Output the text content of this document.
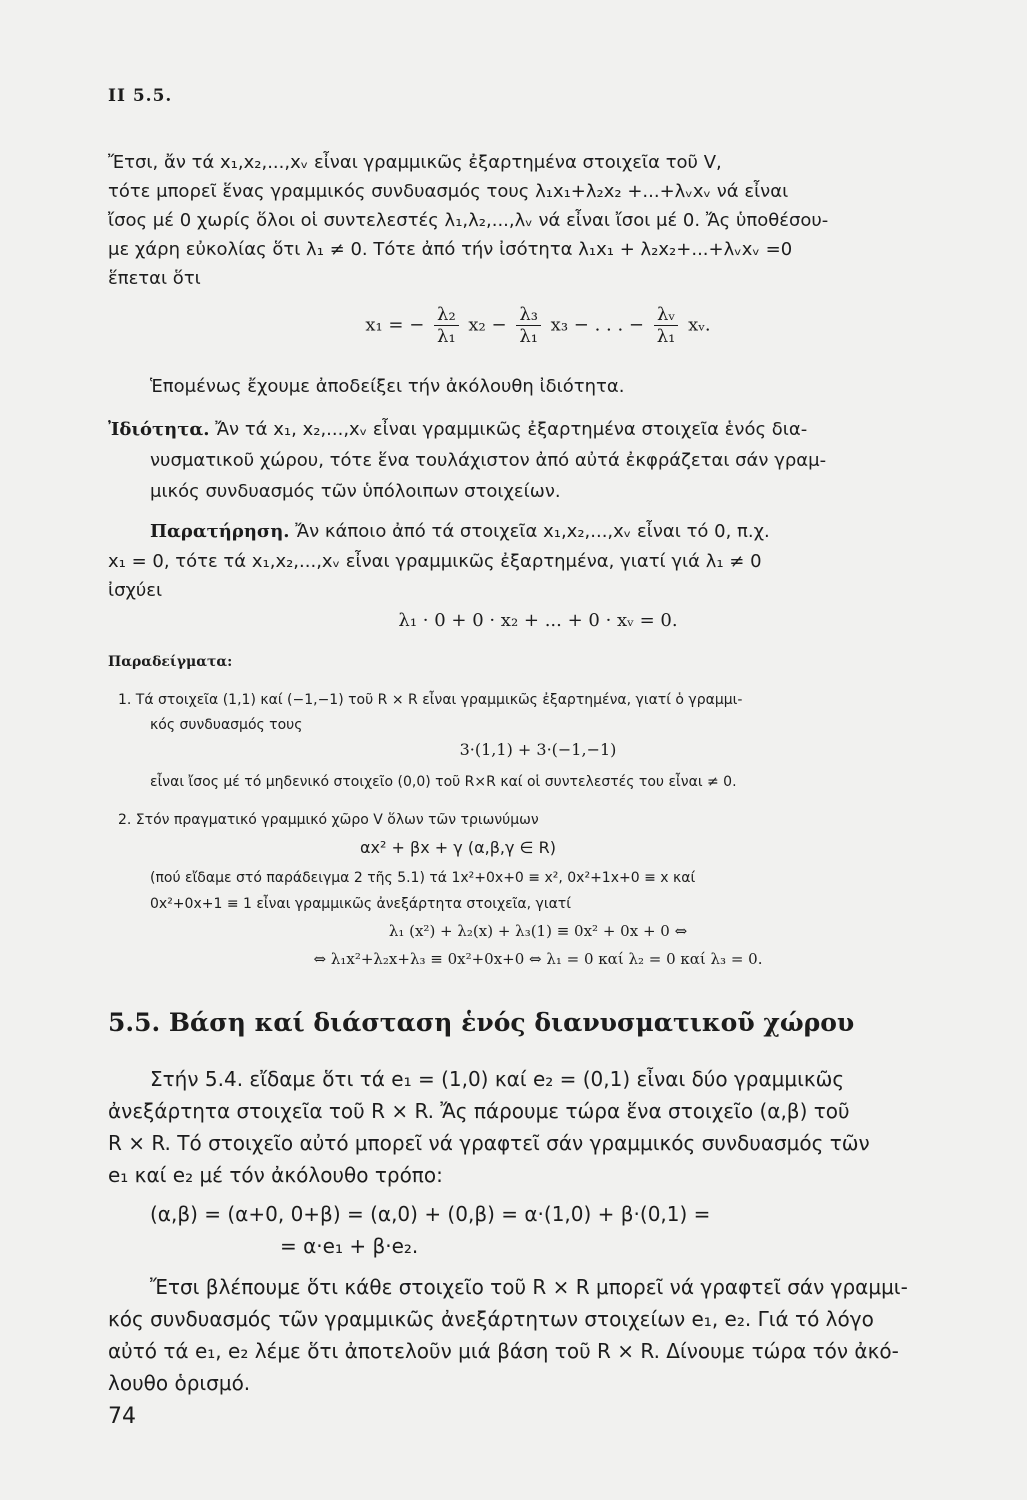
II 5.5.
Ἔτσι, ἄν τά x₁,x₂,...,xᵥ εἶναι γραμμικῶς ἐξαρτημένα στοιχεῖα τοῦ V,
τότε μπορεῖ ἕνας γραμμικός συνδυασμός τους λ₁x₁+λ₂x₂ +...+λᵥxᵥ νά εἶναι
ἴσος μέ 0 χωρίς ὅλοι οἱ συντελεστές λ₁,λ₂,...,λᵥ νά εἶναι ἴσοι μέ 0. Ἄς ὑποθέσου-
με χάρη εὐκολίας ὅτι λ₁ ≠ 0. Τότε ἀπό τήν ἰσότητα λ₁x₁ + λ₂x₂+...+λᵥxᵥ =0
ἕπεται ὅτι
x₁ = − $\frac{\text{λ₂}}{\text{λ₁}} x_2 - \frac{\text{λ₃}}{\text{λ₁}} x_3$ − . . . − $\frac{\text{λᵥ}}{\text{λ₁}}$ xᵥ.
Ἑπομένως ἔχουμε ἀποδείξει τήν ἀκόλουθη ἰδιότητα.
Ἰδιότητα. Ἄν τά x₁, x₂,...,xᵥ εἶναι γραμμικῶς ἐξαρτημένα στοιχεῖα ἑνός δια-
νυσματικοῦ χώρου, τότε ἕνα τουλάχιστον ἀπό αὐτά ἐκφράζεται σάν γραμ-
μικός συνδυασμός τῶν ὑπόλοιπων στοιχείων.
Παρατήρηση. Ἄν κάποιο ἀπό τά στοιχεῖα x₁,x₂,...,xᵥ εἶναι τό 0, π.χ.
x₁ = 0, τότε τά x₁,x₂,...,xᵥ εἶναι γραμμικῶς ἐξαρτημένα, γιατί γιά λ₁ ≠ 0
ἰσχύει
λ₁ · 0 + 0 · x₂ + ... + 0 · xᵥ = 0.
Παραδείγματα:
1. Τά στοιχεῖα (1,1) καί (−1,−1) τοῦ R × R εἶναι γραμμικῶς ἐξαρτημένα, γιατί ὁ γραμμι-
κός συνδυασμός τους
3·(1,1) + 3·(−1,−1)
εἶναι ἴσος μέ τό μηδενικό στοιχεῖο (0,0) τοῦ R×R καί οἱ συντελεστές του εἶναι ≠ 0.
2. Στόν πραγματικό γραμμικό χῶρο V ὅλων τῶν τριωνύμων
αx² + βx + γ (α,β,γ ∈ R)
(πού εἴδαμε στό παράδειγμα 2 τῆς 5.1) τά 1x²+0x+0 ≡ x², 0x²+1x+0 ≡ x καί
0x²+0x+1 ≡ 1 εἶναι γραμμικῶς ἀνεξάρτητα στοιχεῖα, γιατί
λ₁ (x²) + λ₂(x) + λ₃(1) ≡ 0x² + 0x + 0 ⇔
⇔ λ₁x²+λ₂x+λ₃ ≡ 0x²+0x+0 ⇔ λ₁ = 0 καί λ₂ = 0 καί λ₃ = 0.
5.5. Βάση καί διάσταση ἑνός διανυσματικοῦ χώρου
Στήν 5.4. εἴδαμε ὅτι τά e₁ = (1,0) καί e₂ = (0,1) εἶναι δύο γραμμικῶς
ἀνεξάρτητα στοιχεῖα τοῦ R × R. Ἄς πάρουμε τώρα ἕνα στοιχεῖο (α,β) τοῦ
R × R. Τό στοιχεῖο αὐτό μπορεῖ νά γραφτεῖ σάν γραμμικός συνδυασμός τῶν
e₁ καί e₂ μέ τόν ἀκόλουθο τρόπο:
(α,β) = (α+0, 0+β) = (α,0) + (0,β) = α·(1,0) + β·(0,1) =
= α·e₁ + β·e₂.
Ἔτσι βλέπουμε ὅτι κάθε στοιχεῖο τοῦ R × R μπορεῖ νά γραφτεῖ σάν γραμμι-
κός συνδυασμός τῶν γραμμικῶς ἀνεξάρτητων στοιχείων e₁, e₂. Γιά τό λόγο
αὐτό τά e₁, e₂ λέμε ὅτι ἀποτελοῦν μιά βάση τοῦ R × R. Δίνουμε τώρα τόν ἀκό-
λουθο ὁρισμό.
74
